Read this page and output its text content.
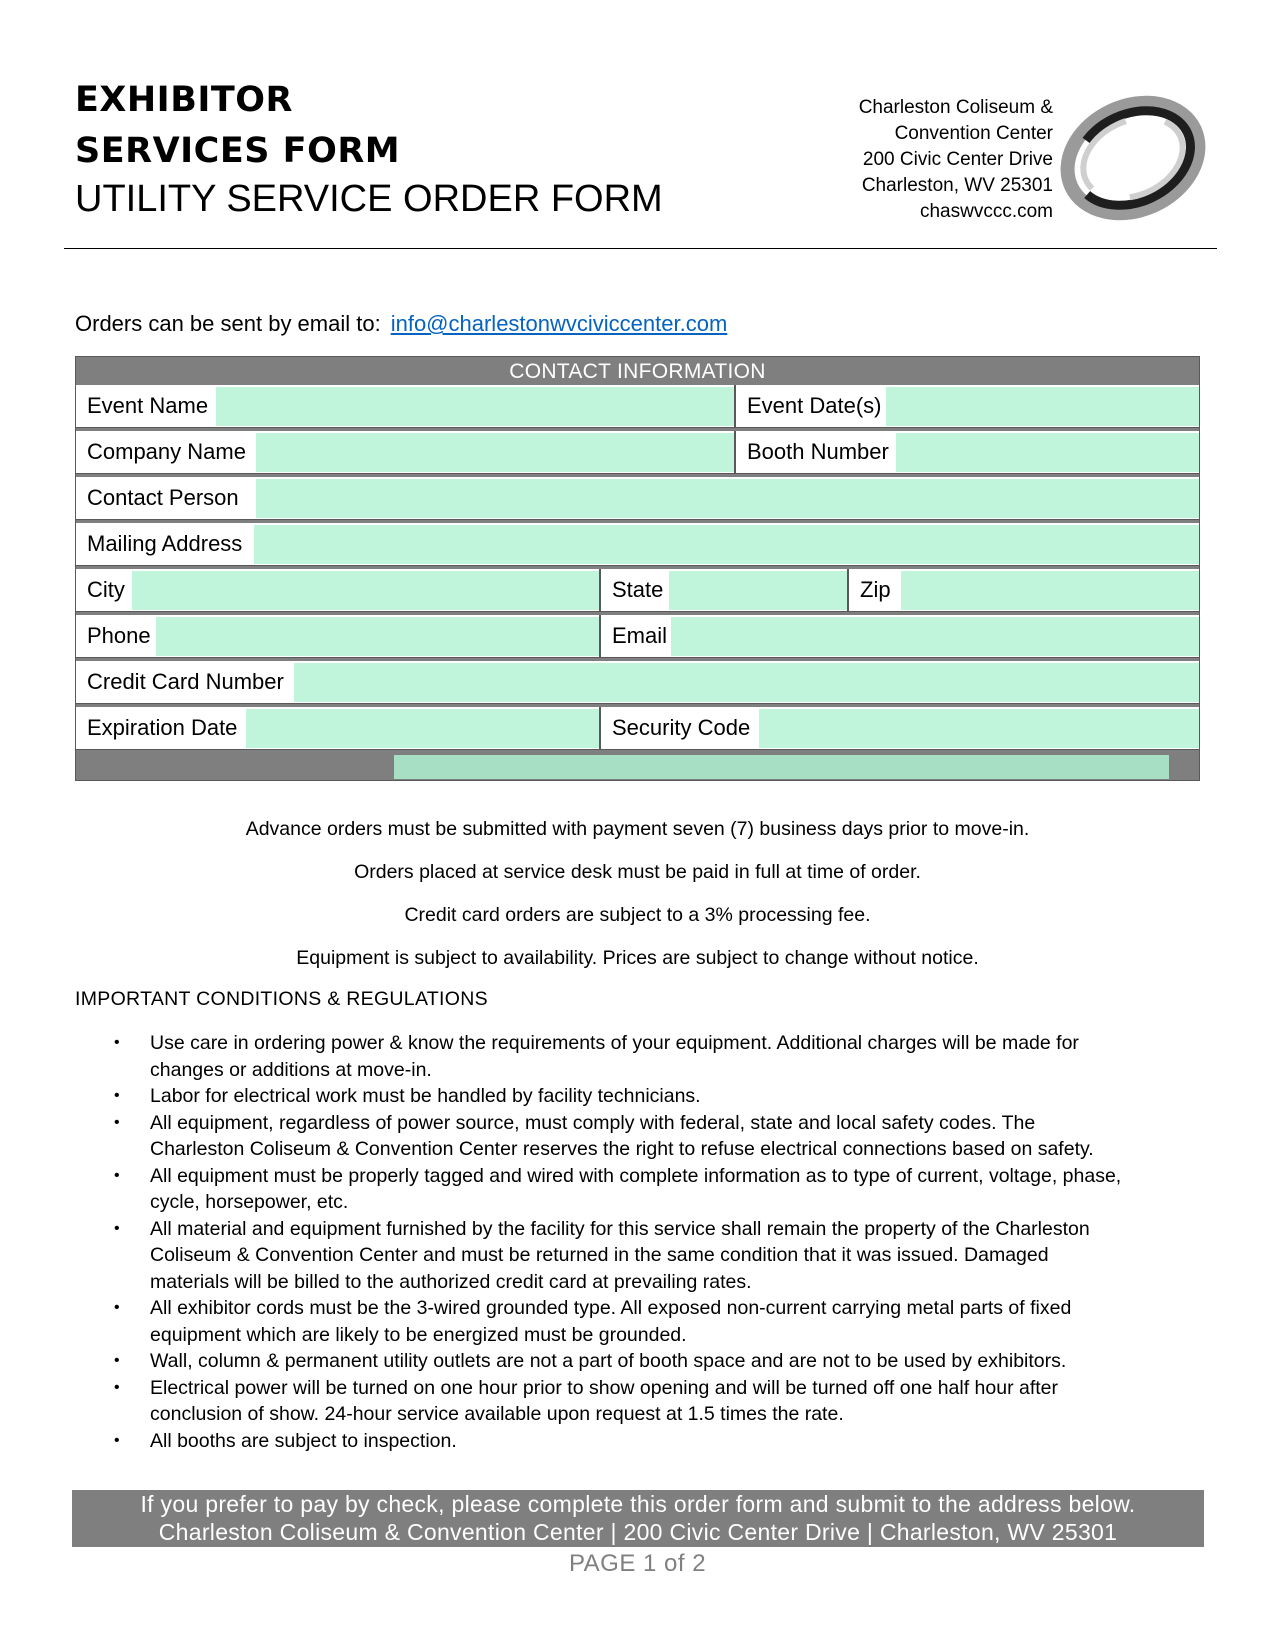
EXHIBITOR
SERVICES FORM
UTILITY SERVICE ORDER FORM
Charleston Coliseum &
Convention Center
200 Civic Center Drive
Charleston, WV 25301
chaswvccc.com
Orders can be sent by email to: info@charlestonwvciviccenter.com
CONTACT INFORMATION
Event Name	Event Date(s)
Company Name	Booth Number
Contact Person
Mailing Address
City	State	Zip
Phone	Email
Credit Card Number
Expiration Date	Security Code
Advance orders must be submitted with payment seven (7) business days prior to move-in.
Orders placed at service desk must be paid in full at time of order.
Credit card orders are subject to a 3% processing fee.
Equipment is subject to availability. Prices are subject to change without notice.
IMPORTANT CONDITIONS & REGULATIONS
• Use care in ordering power & know the requirements of your equipment. Additional charges will be made for
changes or additions at move-in.
• Labor for electrical work must be handled by facility technicians.
• All equipment, regardless of power source, must comply with federal, state and local safety codes. The
Charleston Coliseum & Convention Center reserves the right to refuse electrical connections based on safety.
• All equipment must be properly tagged and wired with complete information as to type of current, voltage, phase,
cycle, horsepower, etc.
• All material and equipment furnished by the facility for this service shall remain the property of the Charleston
Coliseum & Convention Center and must be returned in the same condition that it was issued. Damaged
materials will be billed to the authorized credit card at prevailing rates.
• All exhibitor cords must be the 3-wired grounded type. All exposed non-current carrying metal parts of fixed
equipment which are likely to be energized must be grounded.
• Wall, column & permanent utility outlets are not a part of booth space and are not to be used by exhibitors.
• Electrical power will be turned on one hour prior to show opening and will be turned off one half hour after
conclusion of show. 24-hour service available upon request at 1.5 times the rate.
• All booths are subject to inspection.
If you prefer to pay by check, please complete this order form and submit to the address below.
Charleston Coliseum & Convention Center | 200 Civic Center Drive | Charleston, WV 25301
PAGE 1 of 2
